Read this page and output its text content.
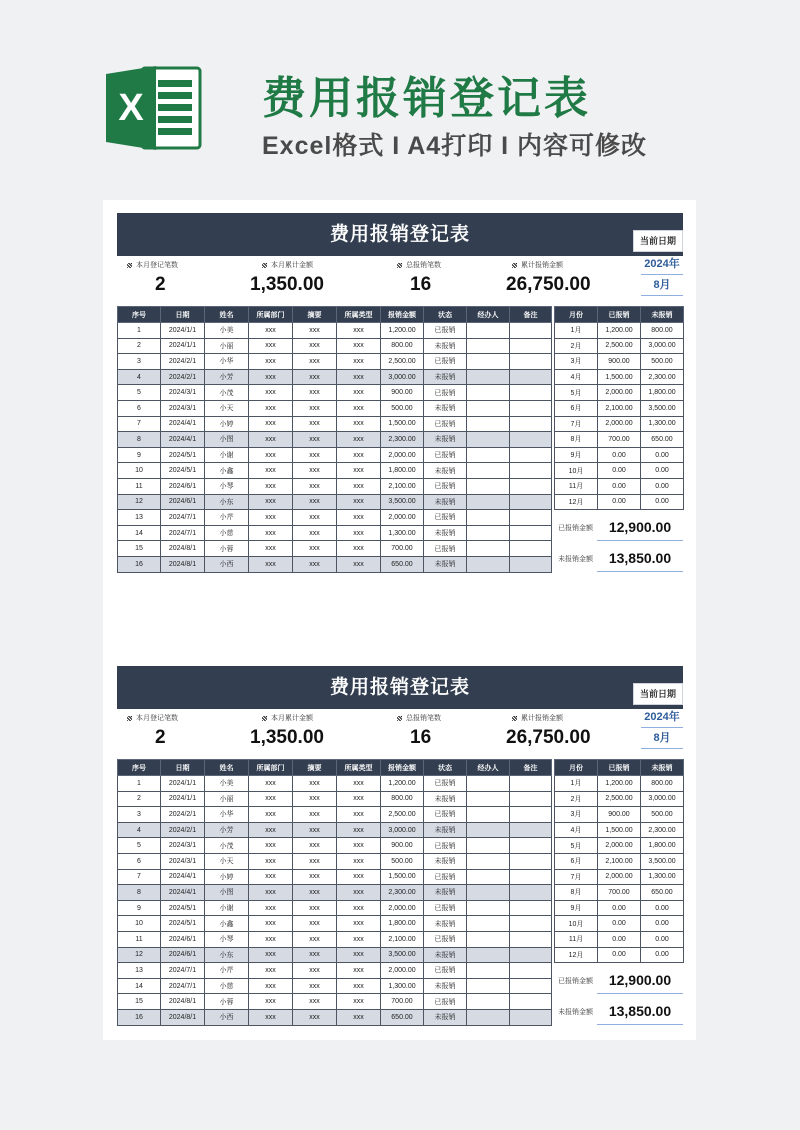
X	费用报销登记表
Excel格式 I A4打印 I 内容可修改
费用报销登记表	当前日期
本月登记笔数
2
本月累计金额
1,350.00
总报销笔数
16
累计报销金额
26,750.00
2024年
8月
序号	日期	姓名	所属部门	摘要	所属类型	报销金额	状态	经办人	备注
1	2024/1/1	小美	xxx	xxx	xxx	1,200.00	已报销		
2	2024/1/1	小丽	xxx	xxx	xxx	800.00	未报销		
3	2024/2/1	小华	xxx	xxx	xxx	2,500.00	已报销		
4	2024/2/1	小芳	xxx	xxx	xxx	3,000.00	未报销		
5	2024/3/1	小茂	xxx	xxx	xxx	900.00	已报销		
6	2024/3/1	小天	xxx	xxx	xxx	500.00	未报销		
7	2024/4/1	小婷	xxx	xxx	xxx	1,500.00	已报销		
8	2024/4/1	小图	xxx	xxx	xxx	2,300.00	未报销		
9	2024/5/1	小谢	xxx	xxx	xxx	2,000.00	已报销		
10	2024/5/1	小鑫	xxx	xxx	xxx	1,800.00	未报销		
11	2024/6/1	小琴	xxx	xxx	xxx	2,100.00	已报销		
12	2024/6/1	小东	xxx	xxx	xxx	3,500.00	未报销		
13	2024/7/1	小芹	xxx	xxx	xxx	2,000.00	已报销		
14	2024/7/1	小慈	xxx	xxx	xxx	1,300.00	未报销		
15	2024/8/1	小蓉	xxx	xxx	xxx	700.00	已报销		
16	2024/8/1	小西	xxx	xxx	xxx	650.00	未报销		
月份	已报销	未报销
1月	1,200.00	800.00
2月	2,500.00	3,000.00
3月	900.00	500.00
4月	1,500.00	2,300.00
5月	2,000.00	1,800.00
6月	2,100.00	3,500.00
7月	2,000.00	1,300.00
8月	700.00	650.00
9月	0.00	0.00
10月	0.00	0.00
11月	0.00	0.00
12月	0.00	0.00
已报销金额	12,900.00
未报销金额	13,850.00
费用报销登记表	当前日期
本月登记笔数
2
本月累计金额
1,350.00
总报销笔数
16
累计报销金额
26,750.00
2024年
8月
序号	日期	姓名	所属部门	摘要	所属类型	报销金额	状态	经办人	备注
1	2024/1/1	小美	xxx	xxx	xxx	1,200.00	已报销		
2	2024/1/1	小丽	xxx	xxx	xxx	800.00	未报销		
3	2024/2/1	小华	xxx	xxx	xxx	2,500.00	已报销		
4	2024/2/1	小芳	xxx	xxx	xxx	3,000.00	未报销		
5	2024/3/1	小茂	xxx	xxx	xxx	900.00	已报销		
6	2024/3/1	小天	xxx	xxx	xxx	500.00	未报销		
7	2024/4/1	小婷	xxx	xxx	xxx	1,500.00	已报销		
8	2024/4/1	小图	xxx	xxx	xxx	2,300.00	未报销		
9	2024/5/1	小谢	xxx	xxx	xxx	2,000.00	已报销		
10	2024/5/1	小鑫	xxx	xxx	xxx	1,800.00	未报销		
11	2024/6/1	小琴	xxx	xxx	xxx	2,100.00	已报销		
12	2024/6/1	小东	xxx	xxx	xxx	3,500.00	未报销		
13	2024/7/1	小芹	xxx	xxx	xxx	2,000.00	已报销		
14	2024/7/1	小慈	xxx	xxx	xxx	1,300.00	未报销		
15	2024/8/1	小蓉	xxx	xxx	xxx	700.00	已报销		
16	2024/8/1	小西	xxx	xxx	xxx	650.00	未报销		
月份	已报销	未报销
1月	1,200.00	800.00
2月	2,500.00	3,000.00
3月	900.00	500.00
4月	1,500.00	2,300.00
5月	2,000.00	1,800.00
6月	2,100.00	3,500.00
7月	2,000.00	1,300.00
8月	700.00	650.00
9月	0.00	0.00
10月	0.00	0.00
11月	0.00	0.00
12月	0.00	0.00
已报销金额	12,900.00
未报销金额	13,850.00
